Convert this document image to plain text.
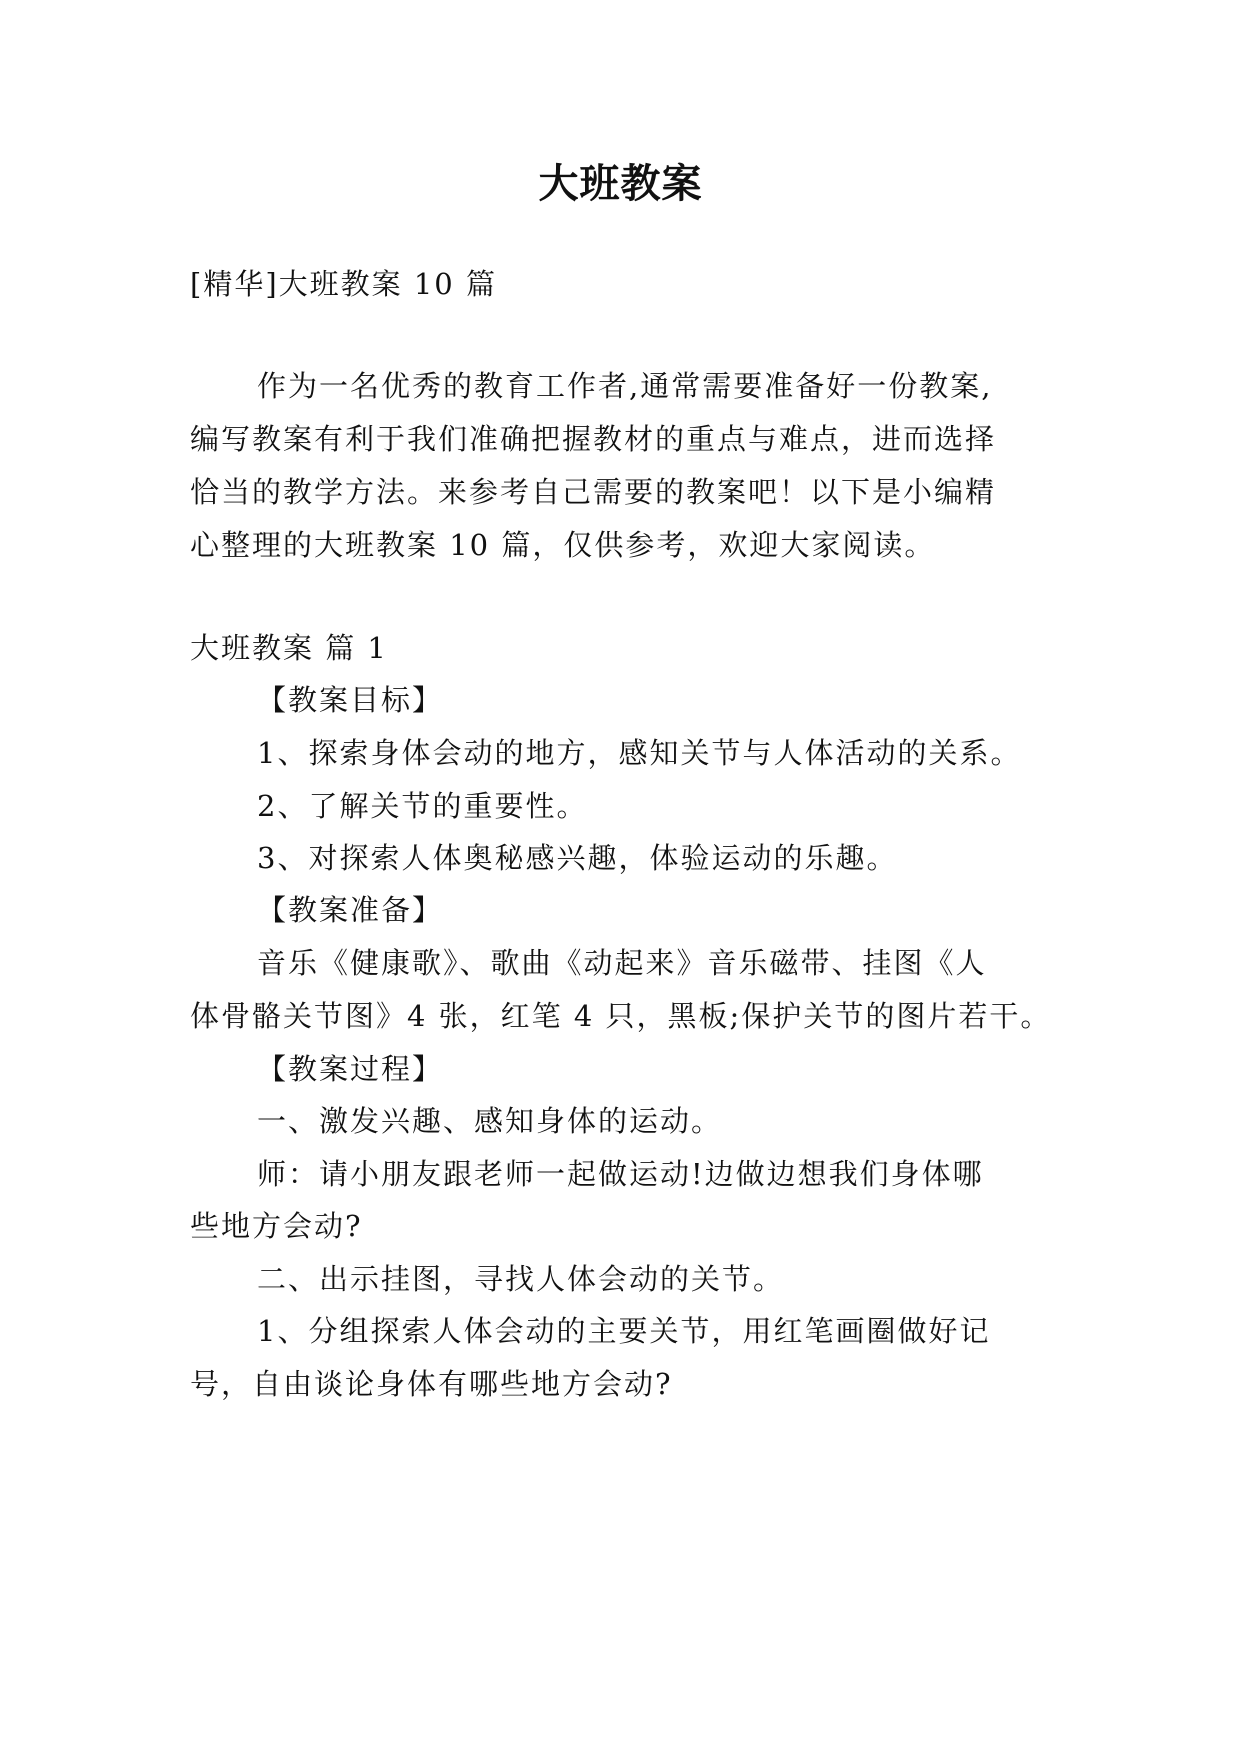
大班教案
[精华]大班教案 10 篇
作为一名优秀的教育工作者,通常需要准备好一份教案,
编写教案有利于我们准确把握教材的重点与难点，进而选择
恰当的教学方法。来参考自己需要的教案吧！以下是小编精
心整理的大班教案 10 篇，仅供参考，欢迎大家阅读。
大班教案 篇 1
【教案目标】
1、探索身体会动的地方，感知关节与人体活动的关系。
2、了解关节的重要性。
3、对探索人体奥秘感兴趣，体验运动的乐趣。
【教案准备】
音乐《健康歌》、歌曲《动起来》音乐磁带、挂图《人
体骨骼关节图》4 张，红笔 4 只，黑板;保护关节的图片若干。
【教案过程】
一、激发兴趣、感知身体的运动。
师：请小朋友跟老师一起做运动!边做边想我们身体哪
些地方会动?
二、出示挂图，寻找人体会动的关节。
1、分组探索人体会动的主要关节，用红笔画圈做好记
号，自由谈论身体有哪些地方会动?
